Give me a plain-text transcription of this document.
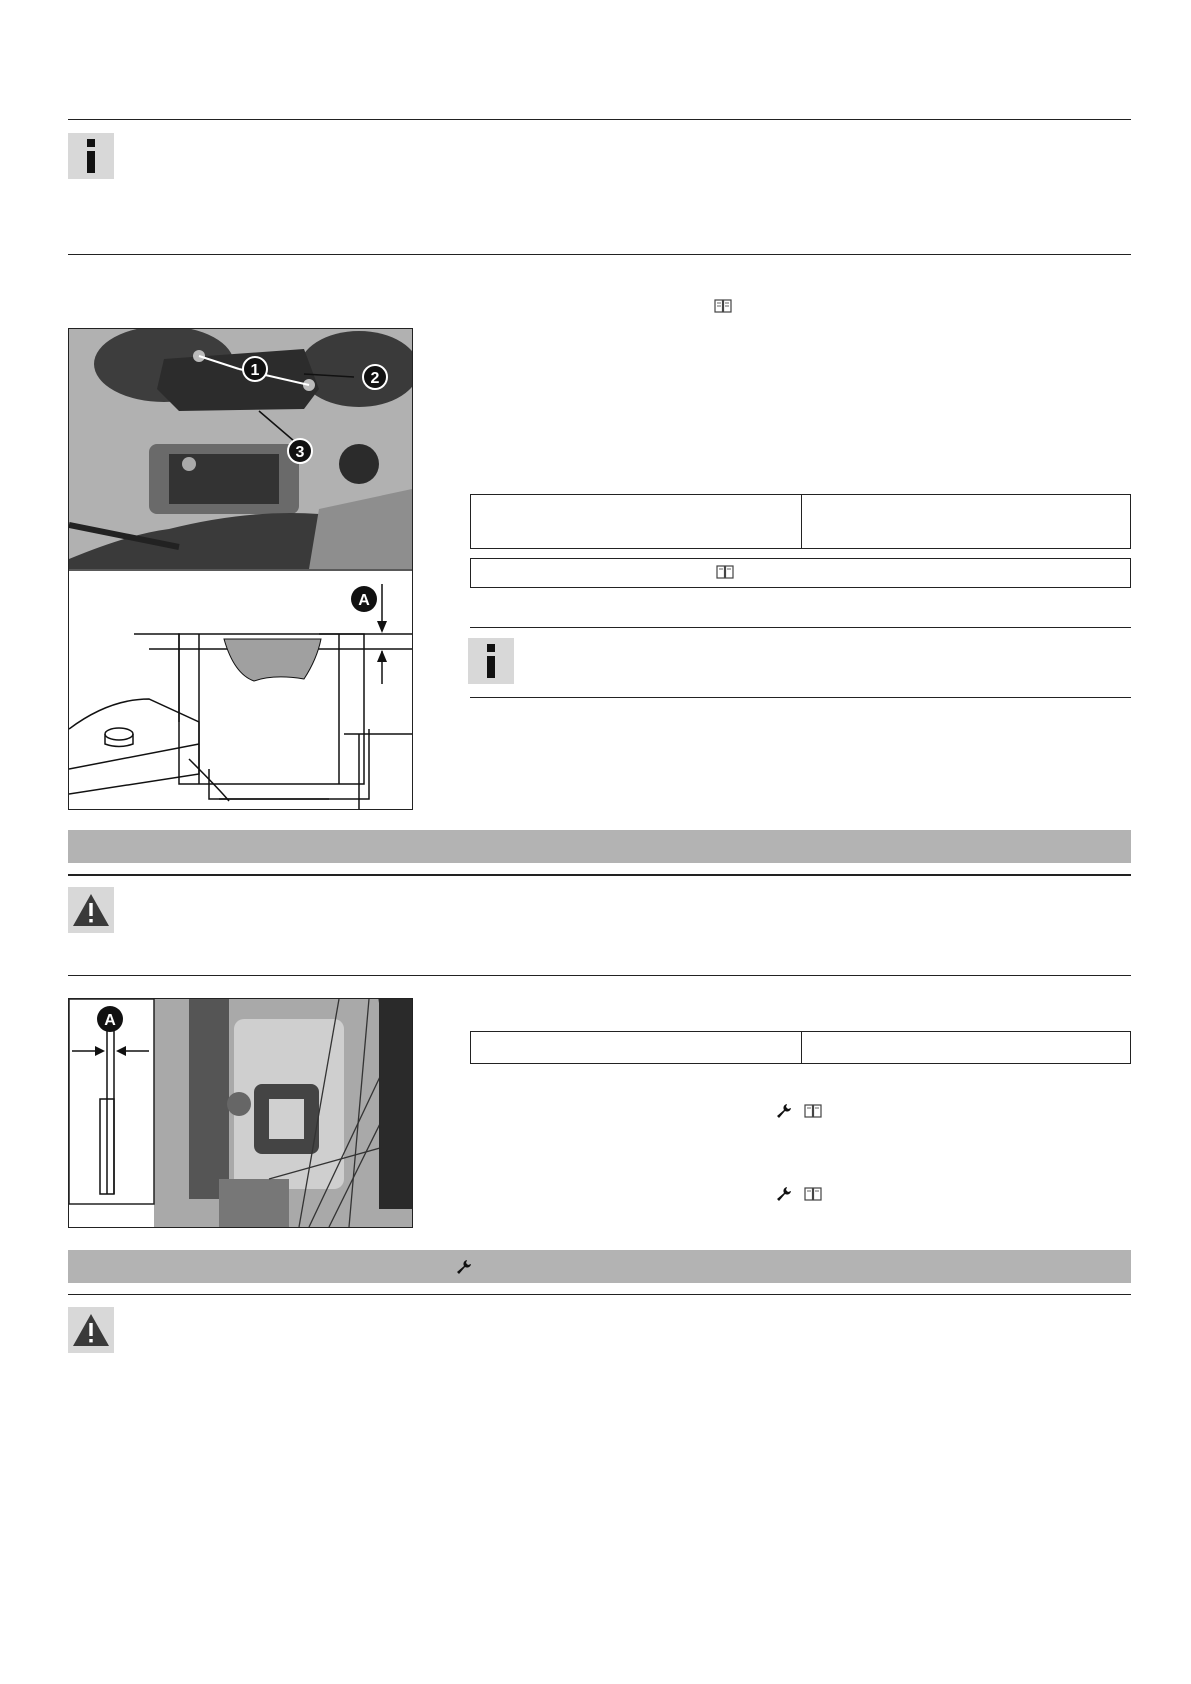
1	2
3
A
A
